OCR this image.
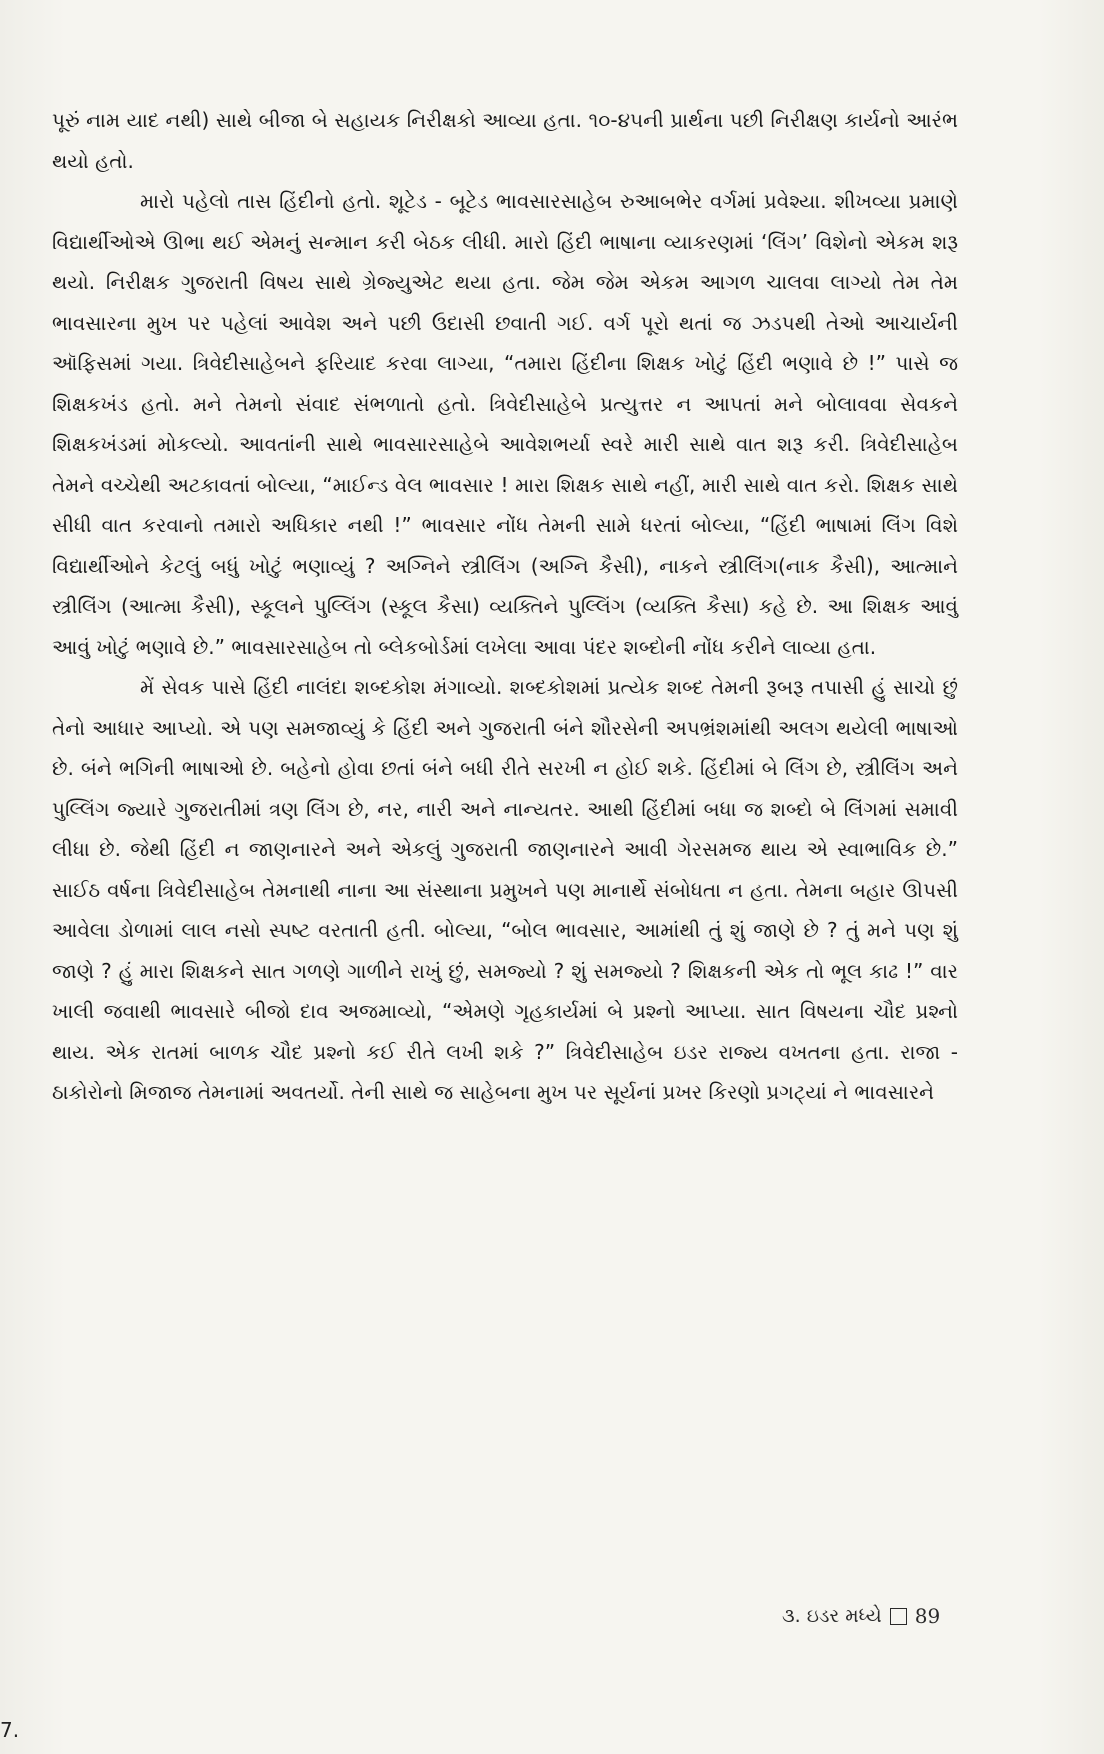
પૂરું નામ યાદ નથી) સાથે બીજા બે સહાયક નિરીક્ષકો આવ્યા હતા. ૧૦-૪૫ની પ્રાર્થના પછી નિરીક્ષણ કાર્યનો આરંભ થયો હતો.

મારો પહેલો તાસ હિંદીનો હતો. શૂટેડ - બૂટેડ ભાવસારસાહેબ રુઆબભેર વર્ગમાં પ્રવેશ્યા. શીખવ્યા પ્રમાણે વિદ્યાર્થીઓએ ઊભા થઈ એમનું સન્માન કરી બેઠક લીધી. મારો હિંદી ભાષાના વ્યાકરણમાં ‘લિંગ’ વિશેનો એકમ શરૂ થયો. નિરીક્ષક ગુજરાતી વિષય સાથે ગ્રેજ્યુએટ થયા હતા. જેમ જેમ એકમ આગળ ચાલવા લાગ્યો તેમ તેમ ભાવસારના મુખ પર પહેલાં આવેશ અને પછી ઉદાસી છવાતી ગઈ. વર્ગ પૂરો થતાં જ ઝડપથી તેઓ આચાર્યની ઑફિસમાં ગયા. ત્રિવેદીસાહેબને ફરિયાદ કરવા લાગ્યા, “તમારા હિંદીના શિક્ષક ખોટું હિંદી ભણાવે છે !” પાસે જ શિક્ષકખંડ હતો. મને તેમનો સંવાદ સંભળાતો હતો. ત્રિવેદીસાહેબે પ્રત્યુત્તર ન આપતાં મને બોલાવવા સેવકને શિક્ષકખંડમાં મોકલ્યો. આવતાંની સાથે ભાવસારસાહેબે આવેશભર્યા સ્વરે મારી સાથે વાત શરૂ કરી. ત્રિવેદીસાહેબ તેમને વચ્ચેથી અટકાવતાં બોલ્યા, “માઈન્ડ વેલ ભાવસાર ! મારા શિક્ષક સાથે નહીં, મારી સાથે વાત કરો. શિક્ષક સાથે સીધી વાત કરવાનો તમારો અધિકાર નથી !” ભાવસાર નોંધ તેમની સામે ધરતાં બોલ્યા, “હિંદી ભાષામાં લિંગ વિશે વિદ્યાર્થીઓને કેટલું બધું ખોટું ભણાવ્યું ? અગ્નિને સ્ત્રીલિંગ (અગ્નિ કૈસી), નાકને સ્ત્રીલિંગ(નાક કૈસી), આત્માને સ્ત્રીલિંગ (આત્મા કૈસી), સ્કૂલને પુલ્લિંગ (સ્કૂલ કૈસા) વ્યક્તિને પુલ્લિંગ (વ્યક્તિ કૈસા) કહે છે. આ શિક્ષક આવું આવું ખોટું ભણાવે છે.” ભાવસારસાહેબ તો બ્લેકબોર્ડમાં લખેલા આવા પંદર શબ્દોની નોંધ કરીને લાવ્યા હતા.

મેં સેવક પાસે હિંદી નાલંદા શબ્દકોશ મંગાવ્યો. શબ્દકોશમાં પ્રત્યેક શબ્દ તેમની રૂબરૂ તપાસી હું સાચો છું તેનો આધાર આપ્યો. એ પણ સમજાવ્યું કે હિંદી અને ગુજરાતી બંને શૌરસેની અપભ્રંશમાંથી અલગ થયેલી ભાષાઓ છે. બંને ભગિની ભાષાઓ છે. બહેનો હોવા છતાં બંને બધી રીતે સરખી ન હોઈ શકે. હિંદીમાં બે લિંગ છે, સ્ત્રીલિંગ અને પુલ્લિંગ જ્યારે ગુજરાતીમાં ત્રણ લિંગ છે, નર, નારી અને નાન્યતર. આથી હિંદીમાં બધા જ શબ્દો બે લિંગમાં સમાવી લીધા છે. જેથી હિંદી ન જાણનારને અને એકલું ગુજરાતી જાણનારને આવી ગેરસમજ થાય એ સ્વાભાવિક છે.” સાઈઠ વર્ષના ત્રિવેદીસાહેબ તેમનાથી નાના આ સંસ્થાના પ્રમુખને પણ માનાર્થે સંબોધતા ન હતા. તેમના બહાર ઊપસી આવેલા ડોળામાં લાલ નસો સ્પષ્ટ વરતાતી હતી. બોલ્યા, “બોલ ભાવસાર, આમાંથી તું શું જાણે છે ? તું મને પણ શું જાણે ? હું મારા શિક્ષકને સાત ગળણે ગાળીને રાખું છું, સમજ્યો ? શું સમજ્યો ? શિક્ષકની એક તો ભૂલ કાઢ !” વાર ખાલી જવાથી ભાવસારે બીજો દાવ અજમાવ્યો, “એમણે ગૃહકાર્યમાં બે પ્રશ્નો આપ્યા. સાત વિષયના ચૌદ પ્રશ્નો થાય. એક રાતમાં બાળક ચૌદ પ્રશ્નો કઈ રીતે લખી શકે ?” ત્રિવેદીસાહેબ ઇડર રાજ્ય વખતના હતા. રાજા - ઠાકોરોનો મિજાજ તેમનામાં અવતર્યો. તેની સાથે જ સાહેબના મુખ પર સૂર્યનાં પ્રખર કિરણો પ્રગટ્યાં ને ભાવસારને

૩. ઇડર મધ્યે 89
7.
